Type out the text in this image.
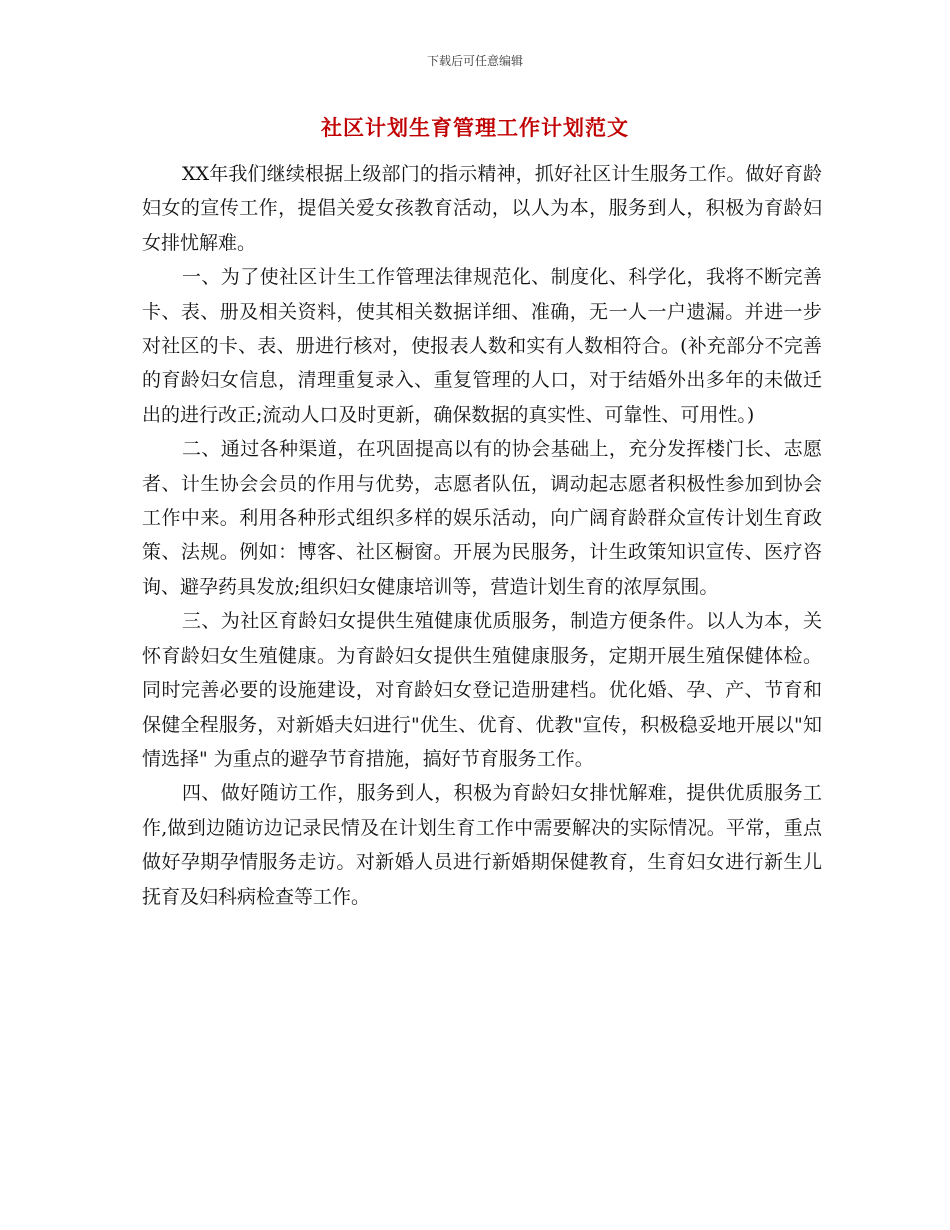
下载后可任意编辑
社区计划生育管理工作计划范文

XX年我们继续根据上级部门的指示精神，抓好社区计生服务工作。做好育龄妇女的宣传工作，提倡关爱女孩教育活动，以人为本，服务到人，积极为育龄妇女排忧解难。

一、为了使社区计生工作管理法律规范化、制度化、科学化，我将不断完善卡、表、册及相关资料，使其相关数据详细、准确，无一人一户遗漏。并进一步对社区的卡、表、册进行核对，使报表人数和实有人数相符合。(补充部分不完善的育龄妇女信息，清理重复录入、重复管理的人口，对于结婚外出多年的未做迁出的进行改正;流动人口及时更新，确保数据的真实性、可靠性、可用性。)

二、通过各种渠道，在巩固提高以有的协会基础上，充分发挥楼门长、志愿者、计生协会会员的作用与优势，志愿者队伍，调动起志愿者积极性参加到协会工作中来。利用各种形式组织多样的娱乐活动，向广阔育龄群众宣传计划生育政策、法规。例如：博客、社区橱窗。开展为民服务，计生政策知识宣传、医疗咨询、避孕药具发放;组织妇女健康培训等，营造计划生育的浓厚氛围。

三、为社区育龄妇女提供生殖健康优质服务，制造方便条件。以人为本，关怀育龄妇女生殖健康。为育龄妇女提供生殖健康服务，定期开展生殖保健体检。同时完善必要的设施建设，对育龄妇女登记造册建档。优化婚、孕、产、节育和保健全程服务，对新婚夫妇进行"优生、优育、优教"宣传，积极稳妥地开展以"知情选择" 为重点的避孕节育措施，搞好节育服务工作。

四、做好随访工作，服务到人，积极为育龄妇女排忧解难，提供优质服务工作,做到边随访边记录民情及在计划生育工作中需要解决的实际情况。平常，重点做好孕期孕情服务走访。对新婚人员进行新婚期保健教育，生育妇女进行新生儿抚育及妇科病检查等工作。
